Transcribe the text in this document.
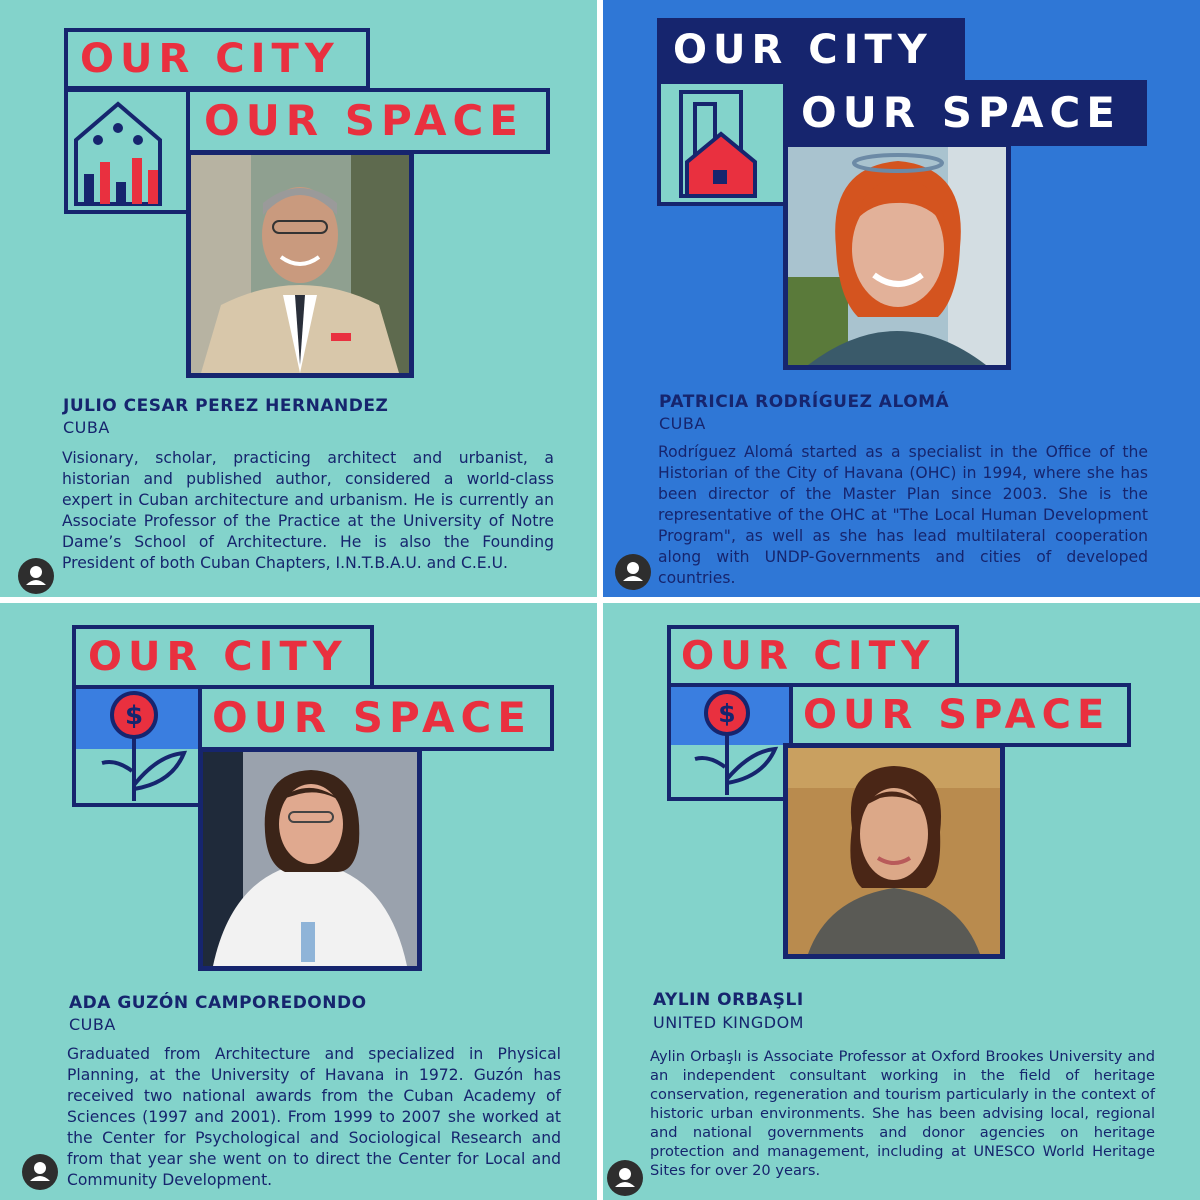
OUR CITY
OUR SPACE
JULIO CESAR PEREZ HERNANDEZ
CUBA

Visionary, scholar, practicing architect and urbanist, a historian and published author, considered a world-class expert in Cuban architecture and urbanism. He is currently an Associate Professor of the Practice at the University of Notre Dame’s School of Architecture. He is also the Founding President of both Cuban Chapters, I.N.T.B.A.U. and C.E.U.

OUR CITY
OUR SPACE
PATRICIA RODRÍGUEZ ALOMÁ
CUBA

Rodríguez Alomá started as a specialist in the Office of the Historian of the City of Havana (OHC) in 1994, where she has been director of the Master Plan since 2003. She is the representative of the OHC at "The Local Human Development Program", as well as she has lead multilateral cooperation along with UNDP-Governments and cities of developed countries.

OUR CITY
$	OUR SPACE
ADA GUZÓN CAMPOREDONDO
CUBA

Graduated from Architecture and specialized in Physical Planning, at the University of Havana in 1972. Guzón has received two national awards from the Cuban Academy of Sciences (1997 and 2001). From 1999 to 2007 she worked at the Center for Psychological and Sociological Research and from that year she went on to direct the Center for Local and Community Development.

OUR CITY
$	OUR SPACE
AYLIN ORBAŞLI
UNITED KINGDOM

Aylin Orbaşlı is Associate Professor at Oxford Brookes University and an independent consultant working in the field of heritage conservation, regeneration and tourism particularly in the context of historic urban environments. She has been advising local, regional and national governments and donor agencies on heritage protection and management, including at UNESCO World Heritage Sites for over 20 years.
